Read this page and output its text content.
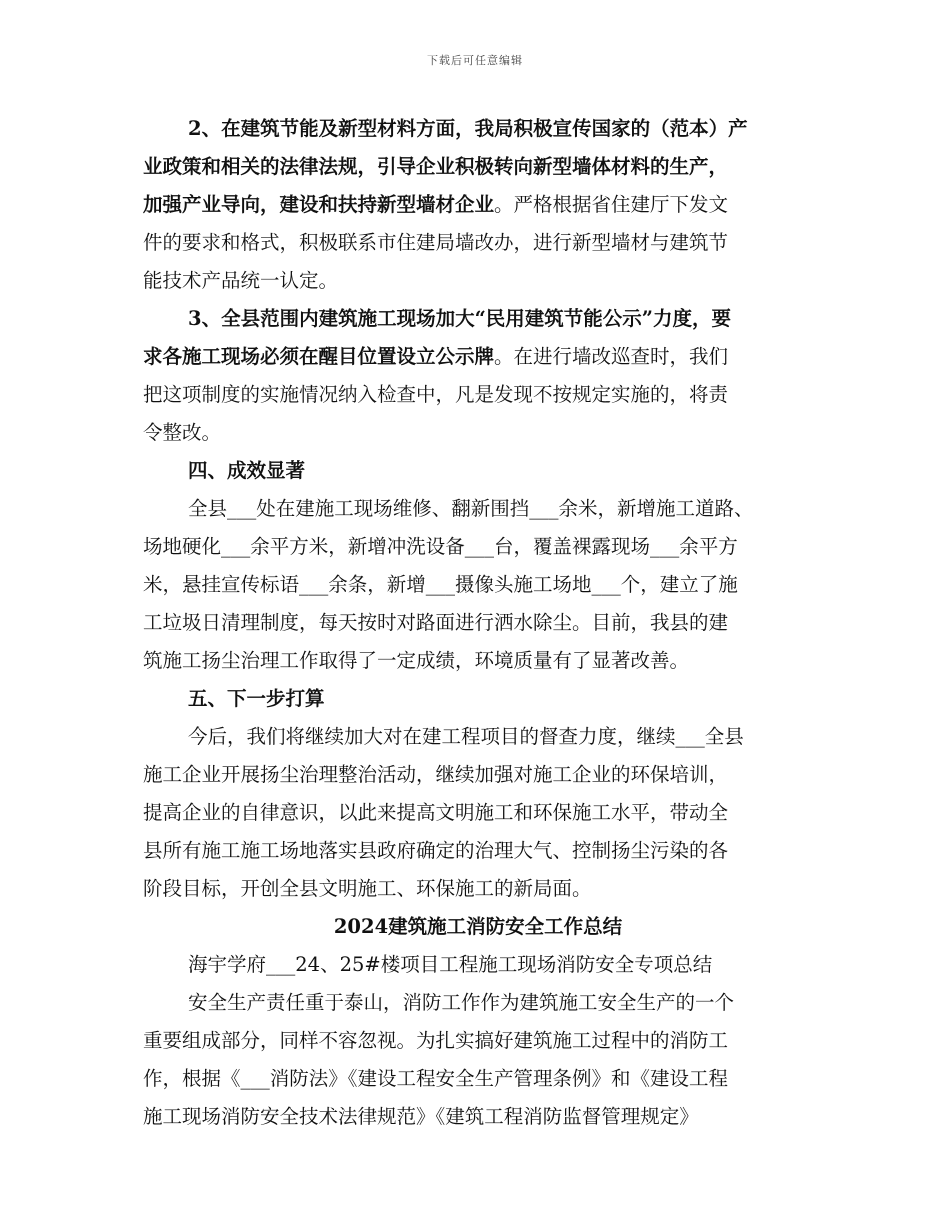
下载后可任意编辑
2、在建筑节能及新型材料方面，我局积极宣传国家的（范本）产
业政策和相关的法律法规，引导企业积极转向新型墙体材料的生产，
加强产业导向，建设和扶持新型墙材企业。严格根据省住建厅下发文
件的要求和格式，积极联系市住建局墙改办，进行新型墙材与建筑节
能技术产品统一认定。
3、全县范围内建筑施工现场加大“民用建筑节能公示”力度，要
求各施工现场必须在醒目位置设立公示牌。在进行墙改巡查时，我们
把这项制度的实施情况纳入检查中，凡是发现不按规定实施的，将责
令整改。
四、成效显著
全县___处在建施工现场维修、翻新围挡___余米，新增施工道路、
场地硬化___余平方米，新增冲洗设备___台，覆盖裸露现场___余平方
米，悬挂宣传标语___余条，新增___摄像头施工场地___个，建立了施
工垃圾日清理制度，每天按时对路面进行洒水除尘。目前，我县的建
筑施工扬尘治理工作取得了一定成绩，环境质量有了显著改善。
五、下一步打算
今后，我们将继续加大对在建工程项目的督查力度，继续___全县
施工企业开展扬尘治理整治活动，继续加强对施工企业的环保培训，
提高企业的自律意识，以此来提高文明施工和环保施工水平，带动全
县所有施工施工场地落实县政府确定的治理大气、控制扬尘污染的各
阶段目标，开创全县文明施工、环保施工的新局面。
2024建筑施工消防安全工作总结
海宇学府___24、25#楼项目工程施工现场消防安全专项总结
安全生产责任重于泰山，消防工作作为建筑施工安全生产的一个
重要组成部分，同样不容忽视。为扎实搞好建筑施工过程中的消防工
作，根据《___消防法》《建设工程安全生产管理条例》和《建设工程
施工现场消防安全技术法律规范》《建筑工程消防监督管理规定》
